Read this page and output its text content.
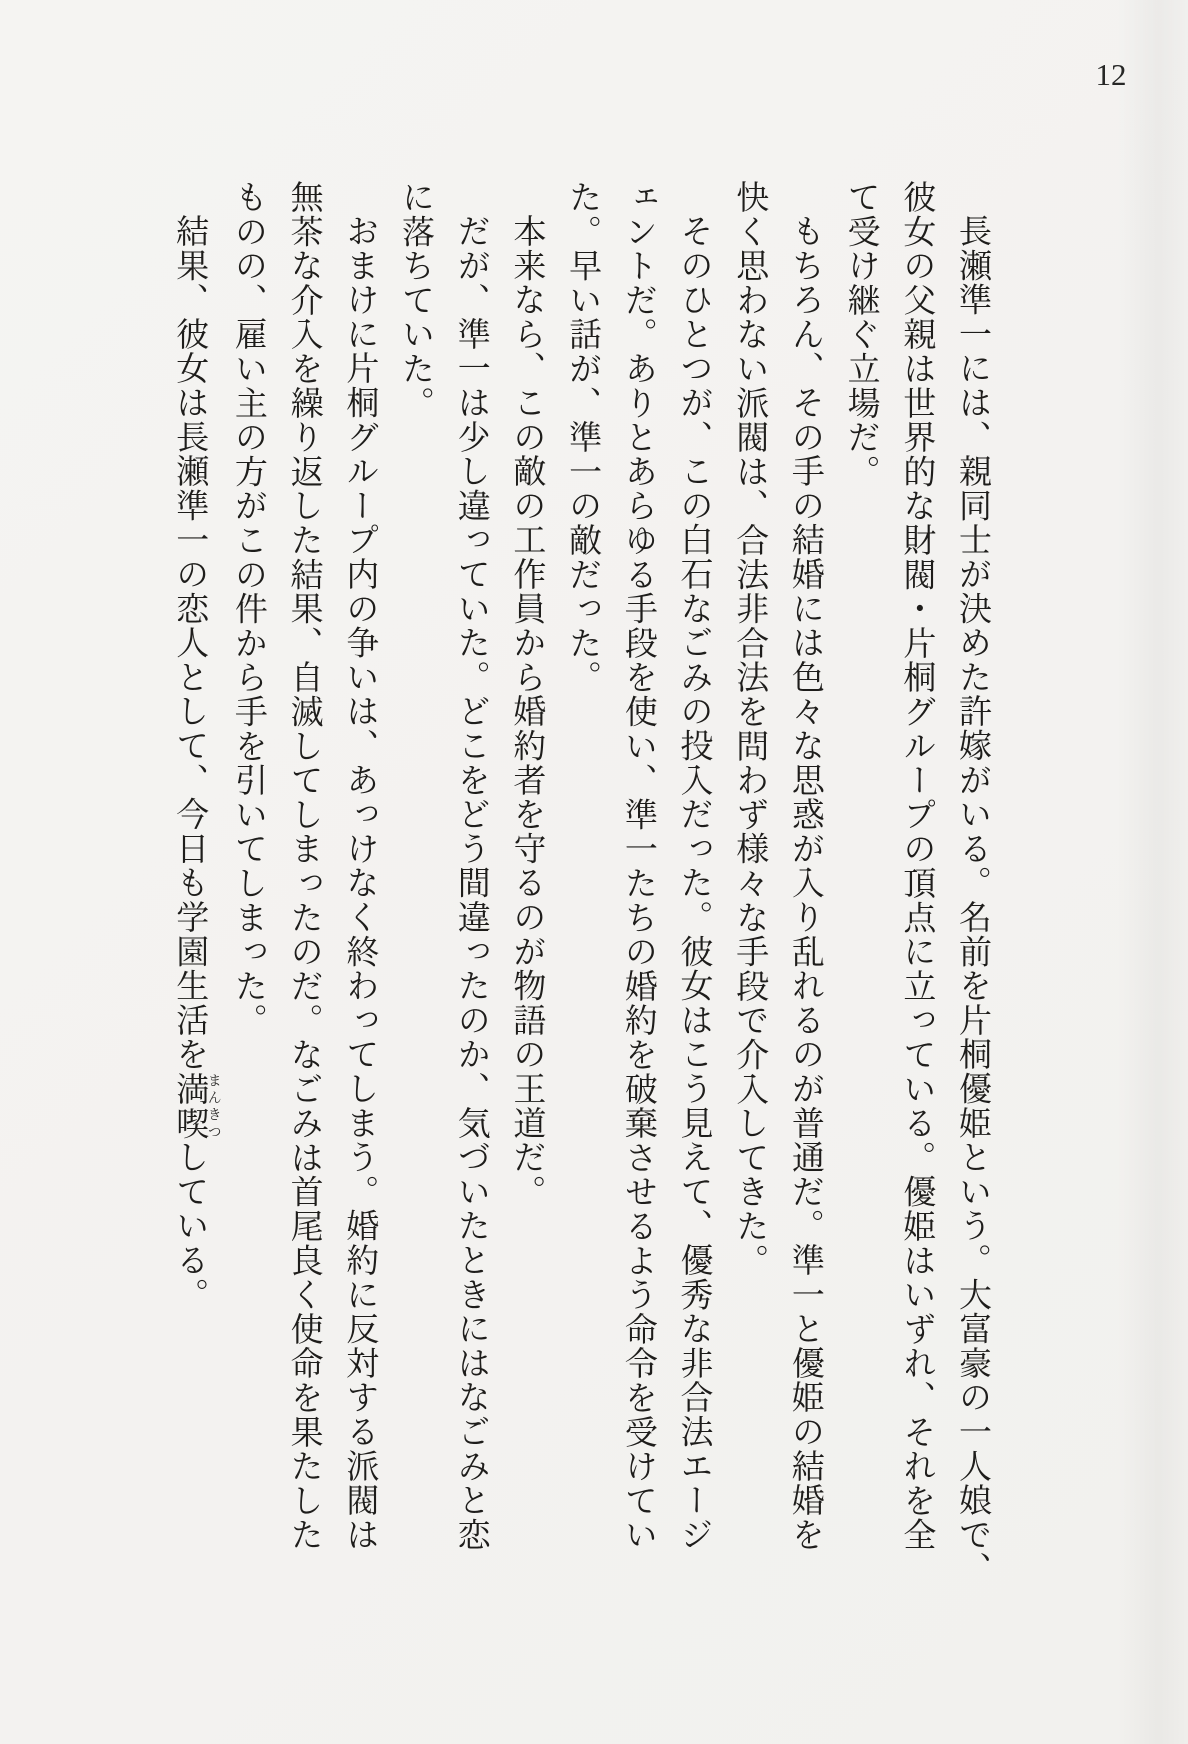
12
長瀬準一には、親同士が決めた許嫁がいる。名前を片桐優姫という。大富豪の一人娘で、
彼女の父親は世界的な財閥・片桐グループの頂点に立っている。優姫はいずれ、それを全
て受け継ぐ立場だ。
もちろん、その手の結婚には色々な思惑が入り乱れるのが普通だ。準一と優姫の結婚を
快く思わない派閥は、合法非合法を問わず様々な手段で介入してきた。
そのひとつが、この白石なごみの投入だった。彼女はこう見えて、優秀な非合法エージ
ェントだ。ありとあらゆる手段を使い、準一たちの婚約を破棄させるよう命令を受けてい
た。早い話が、準一の敵だった。
本来なら、この敵の工作員から婚約者を守るのが物語の王道だ。
だが、準一は少し違っていた。どこをどう間違ったのか、気づいたときにはなごみと恋
に落ちていた。
おまけに片桐グループ内の争いは、あっけなく終わってしまう。婚約に反対する派閥は
無茶な介入を繰り返した結果、自滅してしまったのだ。なごみは首尾良く使命を果たした
ものの、雇い主の方がこの件から手を引いてしまった。
結果、彼女は長瀬準一の恋人として、今日も学園生活を満喫まんきつしている。
